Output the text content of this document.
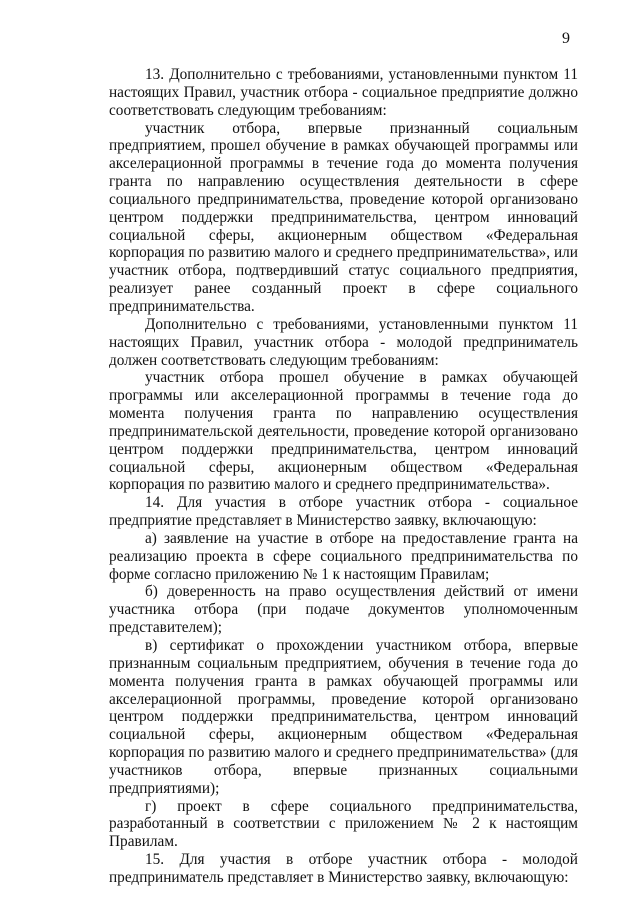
9

13. Дополнительно с требованиями, установленными пунктом 11 настоящих Правил, участник отбора - социальное предприятие должно соответствовать следующим требованиям:

участник отбора, впервые признанный социальным предприятием, прошел обучение в рамках обучающей программы или акселерационной программы в течение года до момента получения гранта по направлению осуществления деятельности в сфере социального предпринимательства, проведение которой организовано центром поддержки предпринимательства, центром инноваций социальной сферы, акционерным обществом «Федеральная корпорация по развитию малого и среднего предпринимательства», или участник отбора, подтвердивший статус социального предприятия, реализует ранее созданный проект в сфере социального предпринимательства.

Дополнительно с требованиями, установленными пунктом 11 настоящих Правил, участник отбора - молодой предприниматель должен соответствовать следующим требованиям:

участник отбора прошел обучение в рамках обучающей программы или акселерационной программы в течение года до момента получения гранта по направлению осуществления предпринимательской деятельности, проведение которой организовано центром поддержки предпринимательства, центром инноваций социальной сферы, акционерным обществом «Федеральная корпорация по развитию малого и среднего предпринимательства».

14. Для участия в отборе участник отбора - социальное предприятие представляет в Министерство заявку, включающую:

а) заявление на участие в отборе на предоставление гранта на реализацию проекта в сфере социального предпринимательства по форме согласно приложению № 1 к настоящим Правилам;

б) доверенность на право осуществления действий от имени участника отбора (при подаче документов уполномоченным представителем);

в) сертификат о прохождении участником отбора, впервые признанным социальным предприятием, обучения в течение года до момента получения гранта в рамках обучающей программы или акселерационной программы, проведение которой организовано центром поддержки предпринимательства, центром инноваций социальной сферы, акционерным обществом «Федеральная корпорация по развитию малого и среднего предпринимательства» (для участников отбора, впервые признанных социальными предприятиями);

г) проект в сфере социального предпринимательства, разработанный в соответствии с приложением № 2 к настоящим Правилам.

15. Для участия в отборе участник отбора - молодой предприниматель представляет в Министерство заявку, включающую:
